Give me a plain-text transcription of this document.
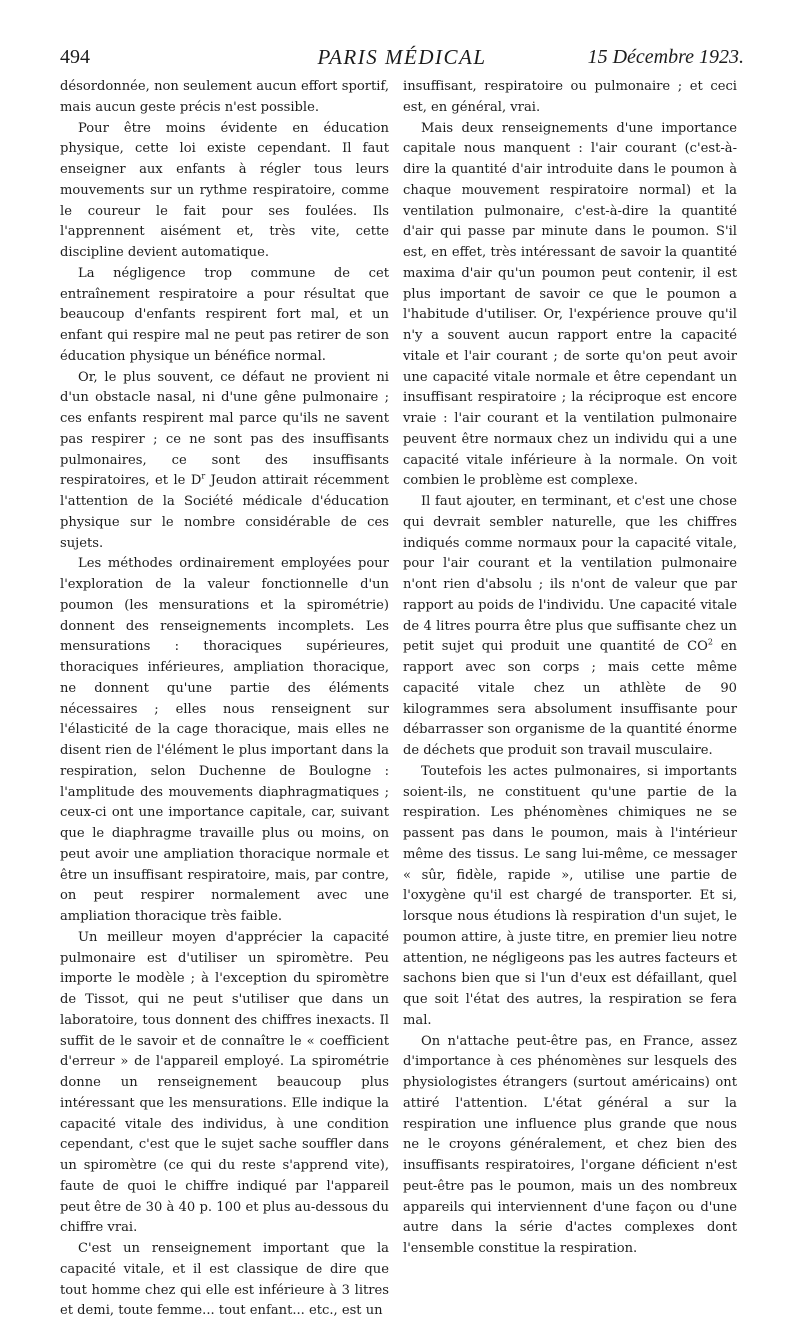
494	PARIS MÉDICAL	15 Décembre 1923.

désordonnée, non seulement aucun effort sportif, mais aucun geste précis n'est possible.

Pour être moins évidente en éducation physique, cette loi existe cependant. Il faut enseigner aux enfants à régler tous leurs mouvements sur un rythme respiratoire, comme le coureur le fait pour ses foulées. Ils l'apprennent aisément et, très vite, cette discipline devient automatique.

La négligence trop commune de cet entraînement respiratoire a pour résultat que beaucoup d'enfants respirent fort mal, et un enfant qui respire mal ne peut pas retirer de son éducation physique un bénéfice normal.

Or, le plus souvent, ce défaut ne provient ni d'un obstacle nasal, ni d'une gêne pulmonaire ; ces enfants respirent mal parce qu'ils ne savent pas respirer ; ce ne sont pas des insuffisants pulmonaires, ce sont des insuffisants respiratoires, et le $D^r$ Jeudon attirait récemment l'attention de la Société médicale d'éducation physique sur le nombre considérable de ces sujets.

Les méthodes ordinairement employées pour l'exploration de la valeur fonctionnelle d'un poumon (les mensurations et la spirométrie) donnent des renseignements incomplets. Les mensurations : thoraciques supérieures, thoraciques inférieures, ampliation thoracique, ne donnent qu'une partie des éléments nécessaires ; elles nous renseignent sur l'élasticité de la cage thoracique, mais elles ne disent rien de l'élément le plus important dans la respiration, selon Duchenne de Boulogne : l'amplitude des mouvements diaphragmatiques ; ceux-ci ont une importance capitale, car, suivant que le diaphragme travaille plus ou moins, on peut avoir une ampliation thoracique normale et être un insuffisant respiratoire, mais, par contre, on peut respirer normalement avec une ampliation thoracique très faible.

Un meilleur moyen d'apprécier la capacité pulmonaire est d'utiliser un spiromètre. Peu importe le modèle ; à l'exception du spiromètre de Tissot, qui ne peut s'utiliser que dans un laboratoire, tous donnent des chiffres inexacts. Il suffit de le savoir et de connaître le « coefficient d'erreur » de l'appareil employé. La spirométrie donne un renseignement beaucoup plus intéressant que les mensurations. Elle indique la capacité vitale des individus, à une condition cependant, c'est que le sujet sache souffler dans un spiromètre (ce qui du reste s'apprend vite), faute de quoi le chiffre indiqué par l'appareil peut être de 30 à 40 p. 100 et plus au-dessous du chiffre vrai.

C'est un renseignement important que la capacité vitale, et il est classique de dire que tout homme chez qui elle est inférieure à 3 litres et demi, toute femme... tout enfant... etc., est un

insuffisant, respiratoire ou pulmonaire ; et ceci est, en général, vrai.

Mais deux renseignements d'une importance capitale nous manquent : l'air courant (c'est-à-dire la quantité d'air introduite dans le poumon à chaque mouvement respiratoire normal) et la ventilation pulmonaire, c'est-à-dire la quantité d'air qui passe par minute dans le poumon. S'il est, en effet, très intéressant de savoir la quantité maxima d'air qu'un poumon peut contenir, il est plus important de savoir ce que le poumon a l'habitude d'utiliser. Or, l'expérience prouve qu'il n'y a souvent aucun rapport entre la capacité vitale et l'air courant ; de sorte qu'on peut avoir une capacité vitale normale et être cependant un insuffisant respiratoire ; la réciproque est encore vraie : l'air courant et la ventilation pulmonaire peuvent être normaux chez un individu qui a une capacité vitale inférieure à la normale. On voit combien le problème est complexe.

Il faut ajouter, en terminant, et c'est une chose qui devrait sembler naturelle, que les chiffres indiqués comme normaux pour la capacité vitale, pour l'air courant et la ventilation pulmonaire n'ont rien d'absolu ; ils n'ont de valeur que par rapport au poids de l'individu. Une capacité vitale de 4 litres pourra être plus que suffisante chez un petit sujet qui produit une quantité de $CO^2$ en rapport avec son corps ; mais cette même capacité vitale chez un athlète de 90 kilogrammes sera absolument insuffisante pour débarrasser son organisme de la quantité énorme de déchets que produit son travail musculaire.

Toutefois les actes pulmonaires, si importants soient-ils, ne constituent qu'une partie de la respiration. Les phénomènes chimiques ne se passent pas dans le poumon, mais à l'intérieur même des tissus. Le sang lui-même, ce messager « sûr, fidèle, rapide », utilise une partie de l'oxygène qu'il est chargé de transporter. Et si, lorsque nous étudions là respiration d'un sujet, le poumon attire, à juste titre, en premier lieu notre attention, ne négligeons pas les autres facteurs et sachons bien que si l'un d'eux est défaillant, quel que soit l'état des autres, la respiration se fera mal.

On n'attache peut-être pas, en France, assez d'importance à ces phénomènes sur lesquels des physiologistes étrangers (surtout américains) ont attiré l'attention. L'état général a sur la respiration une influence plus grande que nous ne le croyons généralement, et chez bien des insuffisants respiratoires, l'organe déficient n'est peut-être pas le poumon, mais un des nombreux appareils qui interviennent d'une façon ou d'une autre dans la série d'actes complexes dont l'ensemble constitue la respiration.
